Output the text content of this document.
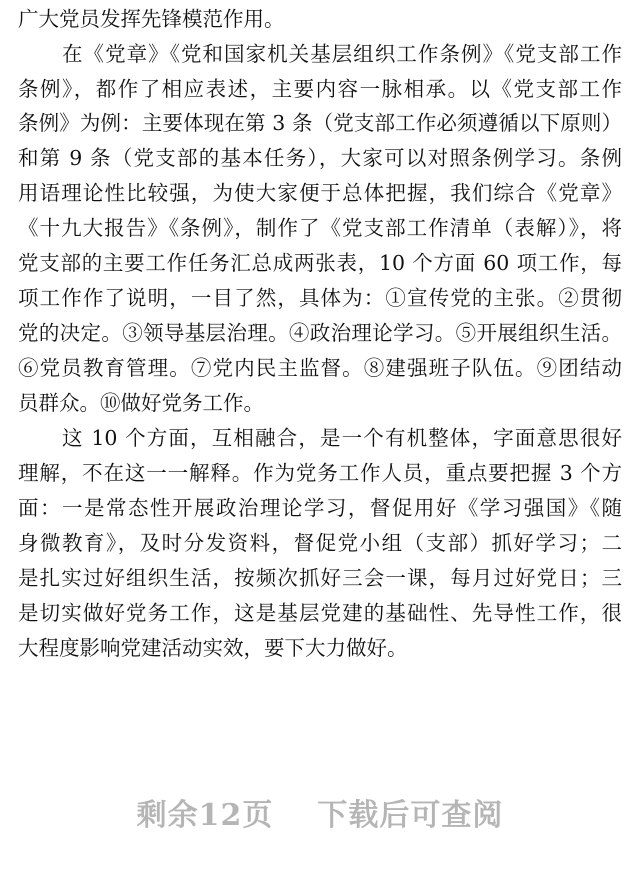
广大党员发挥先锋模范作用。
在《党章》《党和国家机关基层组织工作条例》《党支部工作
条例》，都作了相应表述，主要内容一脉相承。以《党支部工作
条例》为例：主要体现在第 3 条（党支部工作必须遵循以下原则）
和第 9 条（党支部的基本任务），大家可以对照条例学习。条例
用语理论性比较强，为使大家便于总体把握，我们综合《党章》
《十九大报告》《条例》，制作了《党支部工作清单（表解）》，将
党支部的主要工作任务汇总成两张表，10 个方面 60 项工作，每
项工作作了说明，一目了然，具体为：①宣传党的主张。②贯彻
党的决定。③领导基层治理。④政治理论学习。⑤开展组织生活。
⑥党员教育管理。⑦党内民主监督。⑧建强班子队伍。⑨团结动
员群众。⑩做好党务工作。
这 10 个方面，互相融合，是一个有机整体，字面意思很好
理解，不在这一一解释。作为党务工作人员，重点要把握 3 个方
面：一是常态性开展政治理论学习，督促用好《学习强国》《随
身微教育》，及时分发资料，督促党小组（支部）抓好学习；二
是扎实过好组织生活，按频次抓好三会一课，每月过好党日；三
是切实做好党务工作，这是基层党建的基础性、先导性工作，很
大程度影响党建活动实效，要下大力做好。
剩余12页 下载后可查阅
